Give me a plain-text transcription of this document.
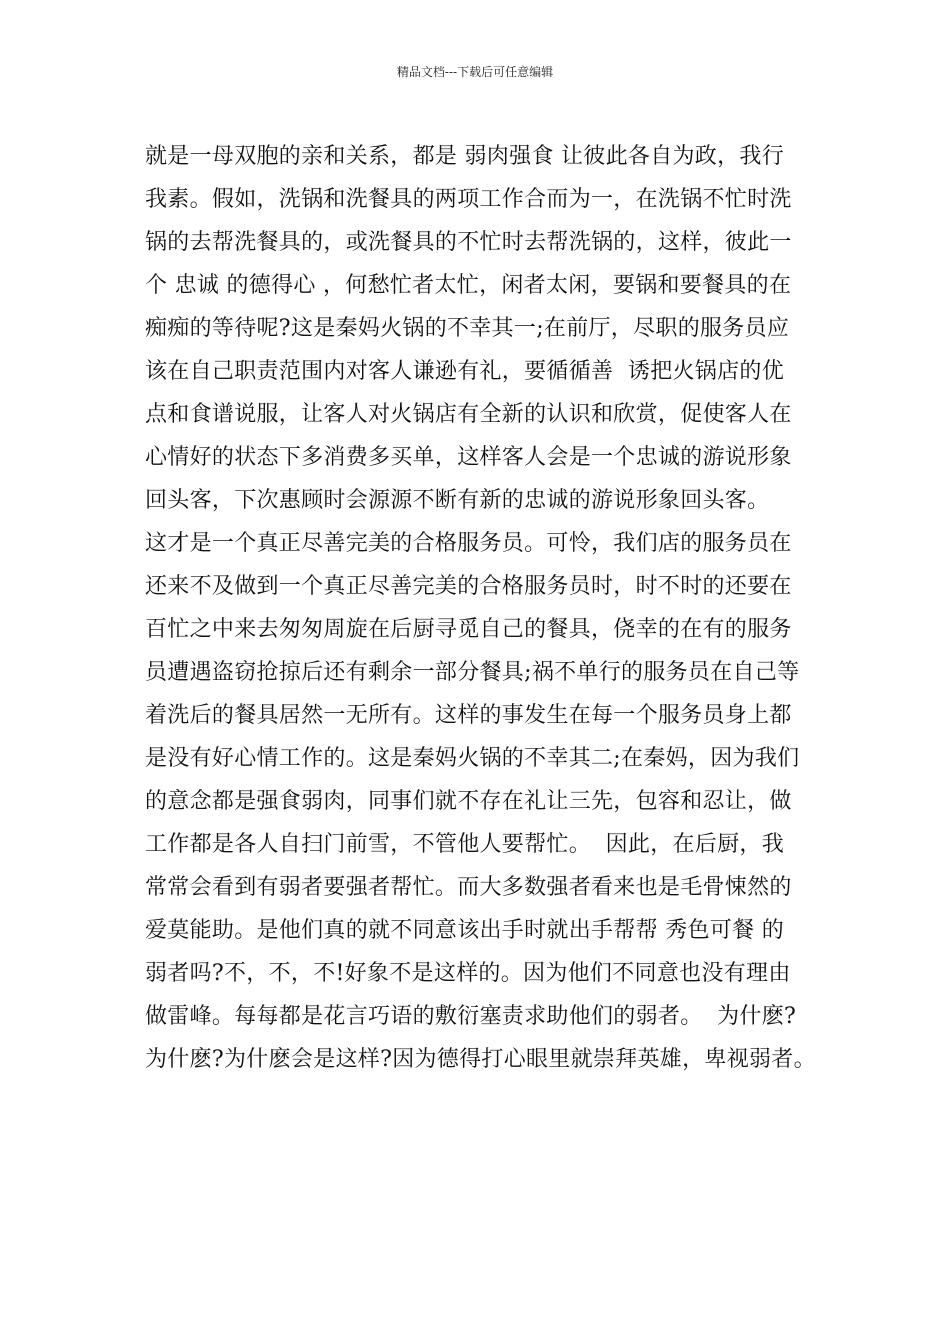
精品文档---下载后可任意编辑
就是一母双胞的亲和关系，都是 弱肉强食 让彼此各自为政，我行
我素。假如，洗锅和洗餐具的两项工作合而为一，在洗锅不忙时洗
锅的去帮洗餐具的，或洗餐具的不忙时去帮洗锅的，这样，彼此一
个 忠诚 的德得心 ，何愁忙者太忙，闲者太闲，要锅和要餐具的在
痴痴的等待呢?这是秦妈火锅的不幸其一;在前厅，尽职的服务员应
该在自己职责范围内对客人谦逊有礼，要循循善  诱把火锅店的优
点和食谱说服，让客人对火锅店有全新的认识和欣赏，促使客人在
心情好的状态下多消费多买单，这样客人会是一个忠诚的游说形象
回头客，下次惠顾时会源源不断有新的忠诚的游说形象回头客。
这才是一个真正尽善完美的合格服务员。可怜，我们店的服务员在
还来不及做到一个真正尽善完美的合格服务员时，时不时的还要在
百忙之中来去匆匆周旋在后厨寻觅自己的餐具，侥幸的在有的服务
员遭遇盗窃抢掠后还有剩余一部分餐具;祸不单行的服务员在自己等
着洗后的餐具居然一无所有。这样的事发生在每一个服务员身上都
是没有好心情工作的。这是秦妈火锅的不幸其二;在秦妈，因为我们
的意念都是强食弱肉，同事们就不存在礼让三先，包容和忍让，做
工作都是各人自扫门前雪，不管他人要帮忙。  因此，在后厨，我
常常会看到有弱者要强者帮忙。而大多数强者看来也是毛骨悚然的
爱莫能助。是他们真的就不同意该出手时就出手帮帮 秀色可餐 的
弱者吗?不，不，不!好象不是这样的。因为他们不同意也没有理由
做雷峰。每每都是花言巧语的敷衍塞责求助他们的弱者。  为什麽?
为什麽?为什麽会是这样?因为德得打心眼里就崇拜英雄，卑视弱者。
